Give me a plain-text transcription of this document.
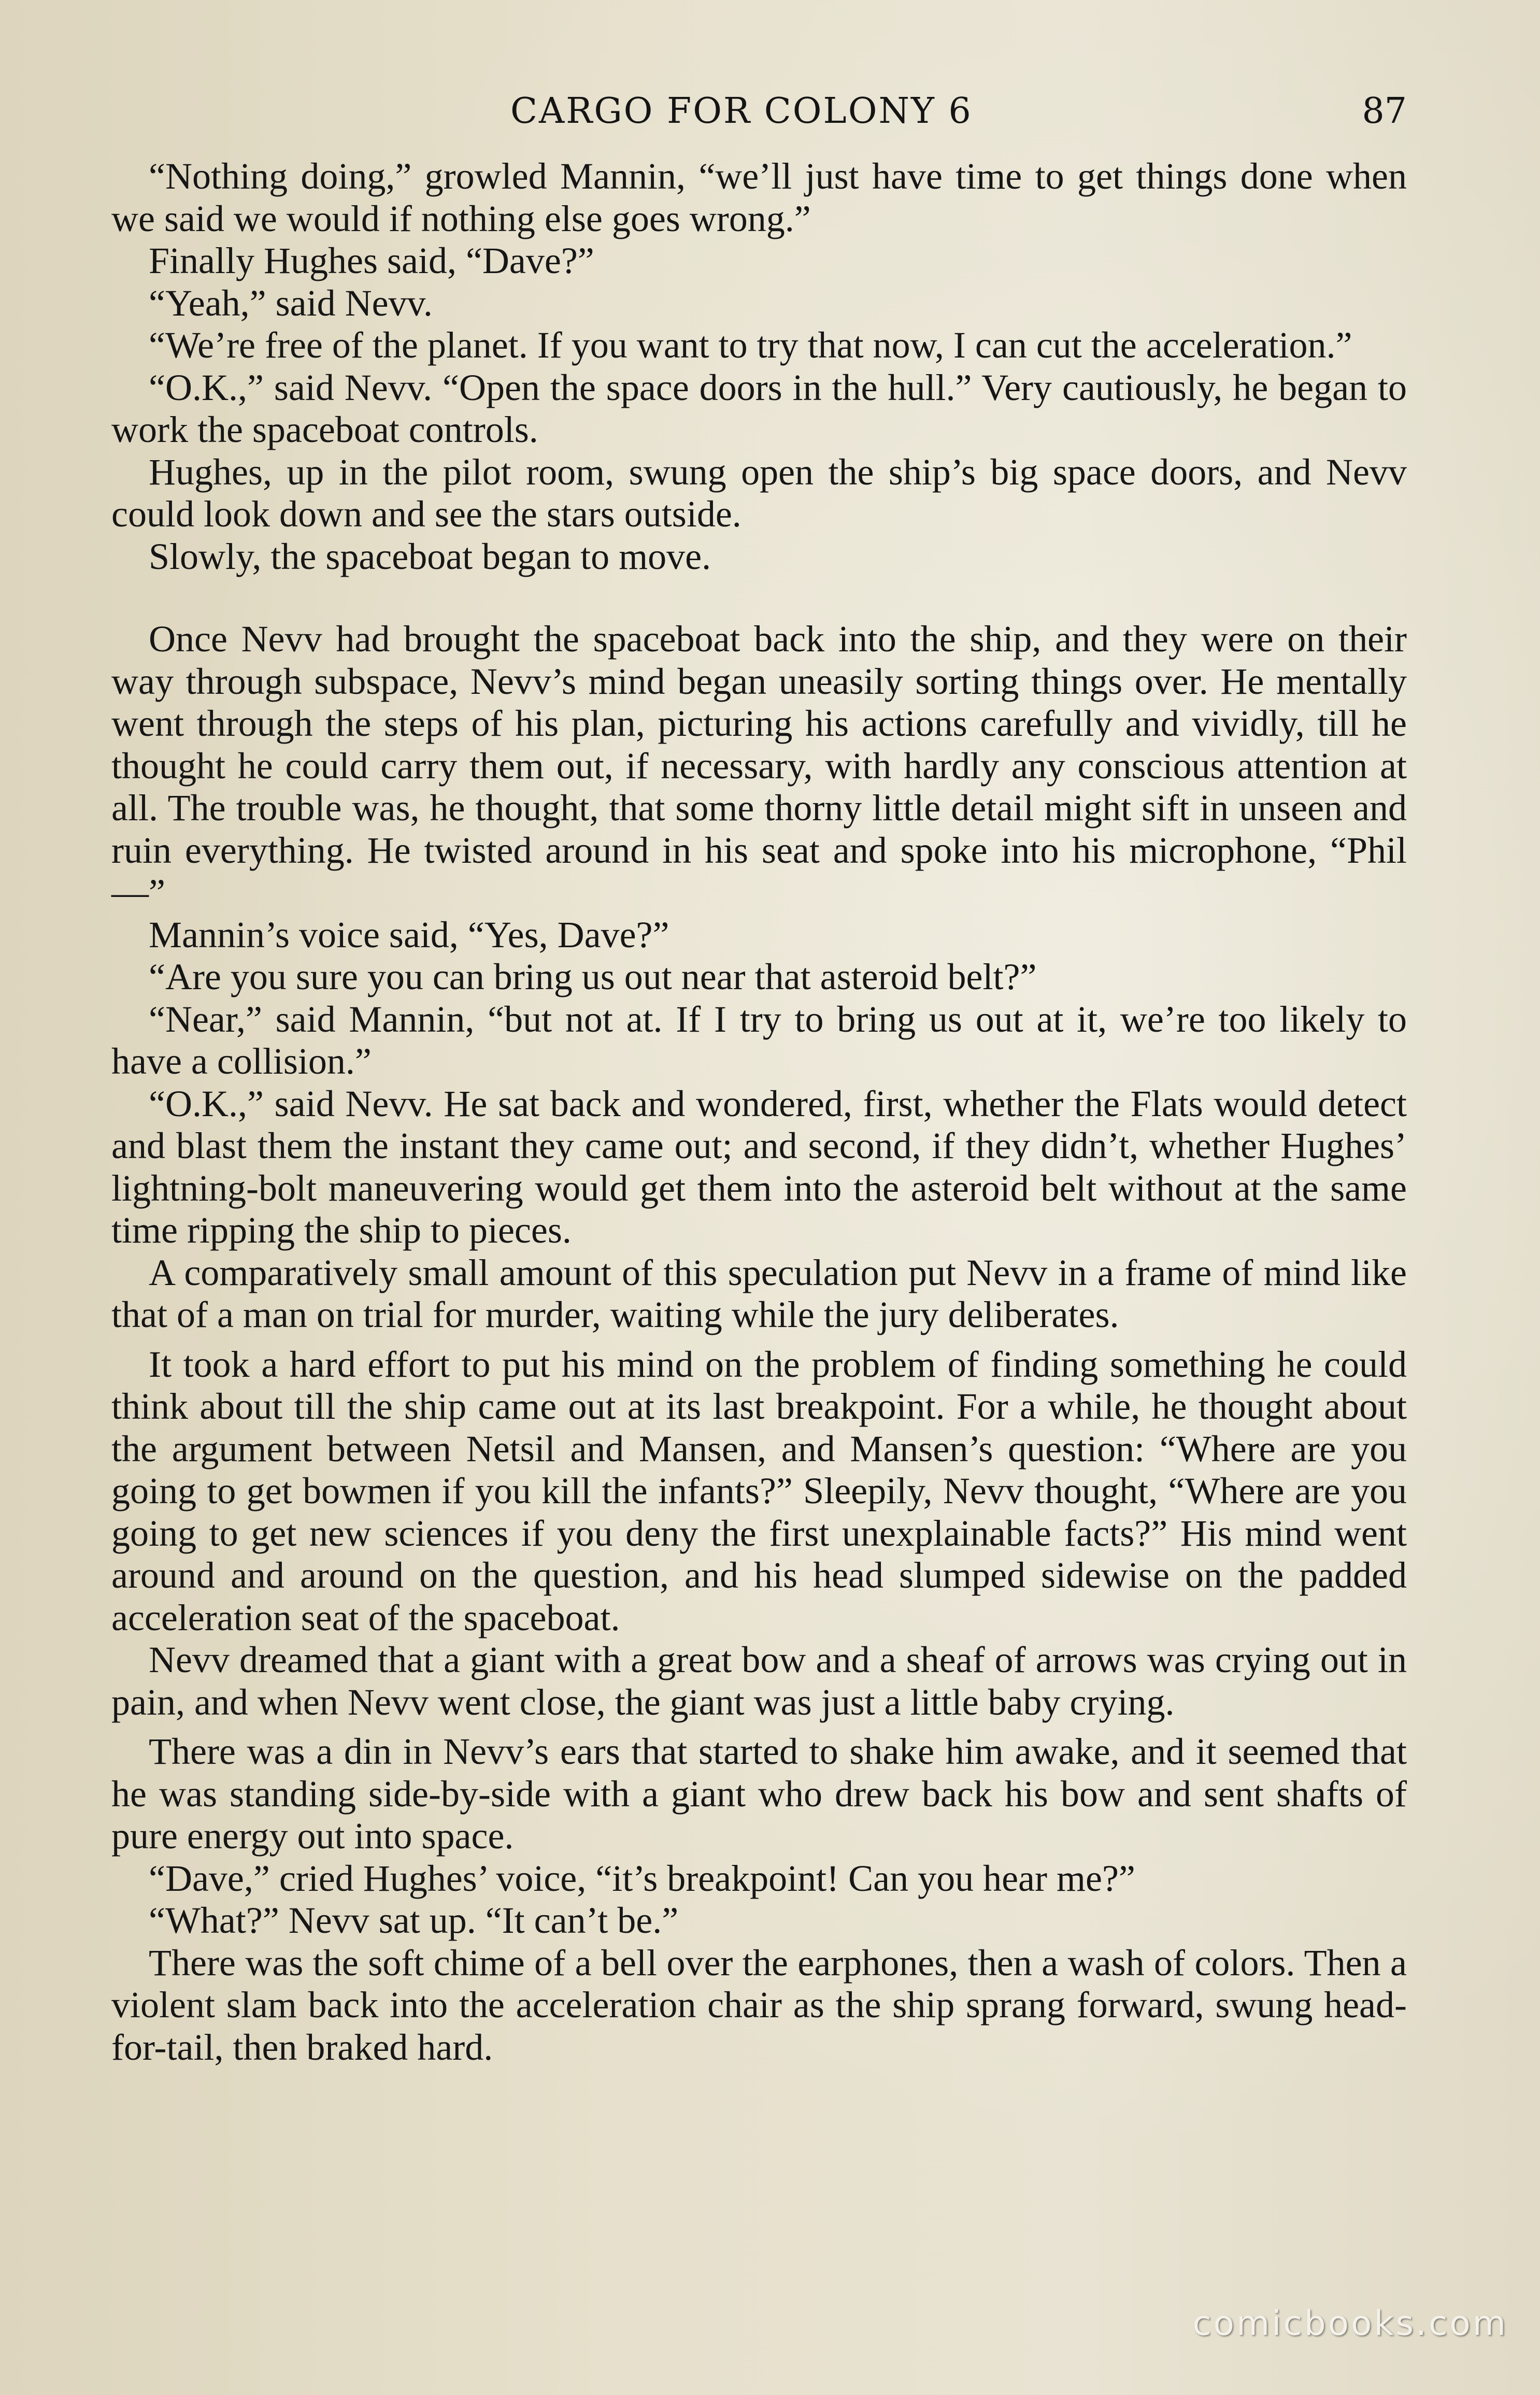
CARGO FOR COLONY 6	87

“Nothing doing,” growled Mannin, “we’ll just have time to get things done when we said we would if nothing else goes wrong.”

Finally Hughes said, “Dave?”

“Yeah,” said Nevv.

“We’re free of the planet. If you want to try that now, I can cut the acceleration.”

“O.K.,” said Nevv. “Open the space doors in the hull.” Very cautiously, he began to work the spaceboat controls.

Hughes, up in the pilot room, swung open the ship’s big space doors, and Nevv could look down and see the stars outside.

Slowly, the spaceboat began to move.

Once Nevv had brought the spaceboat back into the ship, and they were on their way through subspace, Nevv’s mind began uneasily sorting things over. He mentally went through the steps of his plan, picturing his actions carefully and vividly, till he thought he could carry them out, if necessary, with hardly any conscious attention at all. The trouble was, he thought, that some thorny little detail might sift in unseen and ruin everything. He twisted around in his seat and spoke into his microphone, “Phil—”

Mannin’s voice said, “Yes, Dave?”

“Are you sure you can bring us out near that asteroid belt?”

“Near,” said Mannin, “but not at. If I try to bring us out at it, we’re too likely to have a collision.”

“O.K.,” said Nevv. He sat back and wondered, first, whether the Flats would detect and blast them the instant they came out; and second, if they didn’t, whether Hughes’ lightning-bolt maneuvering would get them into the asteroid belt without at the same time ripping the ship to pieces.

A comparatively small amount of this speculation put Nevv in a frame of mind like that of a man on trial for murder, waiting while the jury deliberates.

It took a hard effort to put his mind on the problem of finding something he could think about till the ship came out at its last breakpoint. For a while, he thought about the argument between Netsil and Mansen, and Mansen’s question: “Where are you going to get bowmen if you kill the infants?” Sleepily, Nevv thought, “Where are you going to get new sciences if you deny the first unexplainable facts?” His mind went around and around on the question, and his head slumped sidewise on the padded acceleration seat of the spaceboat.

Nevv dreamed that a giant with a great bow and a sheaf of arrows was crying out in pain, and when Nevv went close, the giant was just a little baby crying.

There was a din in Nevv’s ears that started to shake him awake, and it seemed that he was standing side-by-side with a giant who drew back his bow and sent shafts of pure energy out into space.

“Dave,” cried Hughes’ voice, “it’s breakpoint! Can you hear me?”

“What?” Nevv sat up. “It can’t be.”

There was the soft chime of a bell over the earphones, then a wash of colors. Then a violent slam back into the acceleration chair as the ship sprang forward, swung head-for-tail, then braked hard.

comicbooks.com
